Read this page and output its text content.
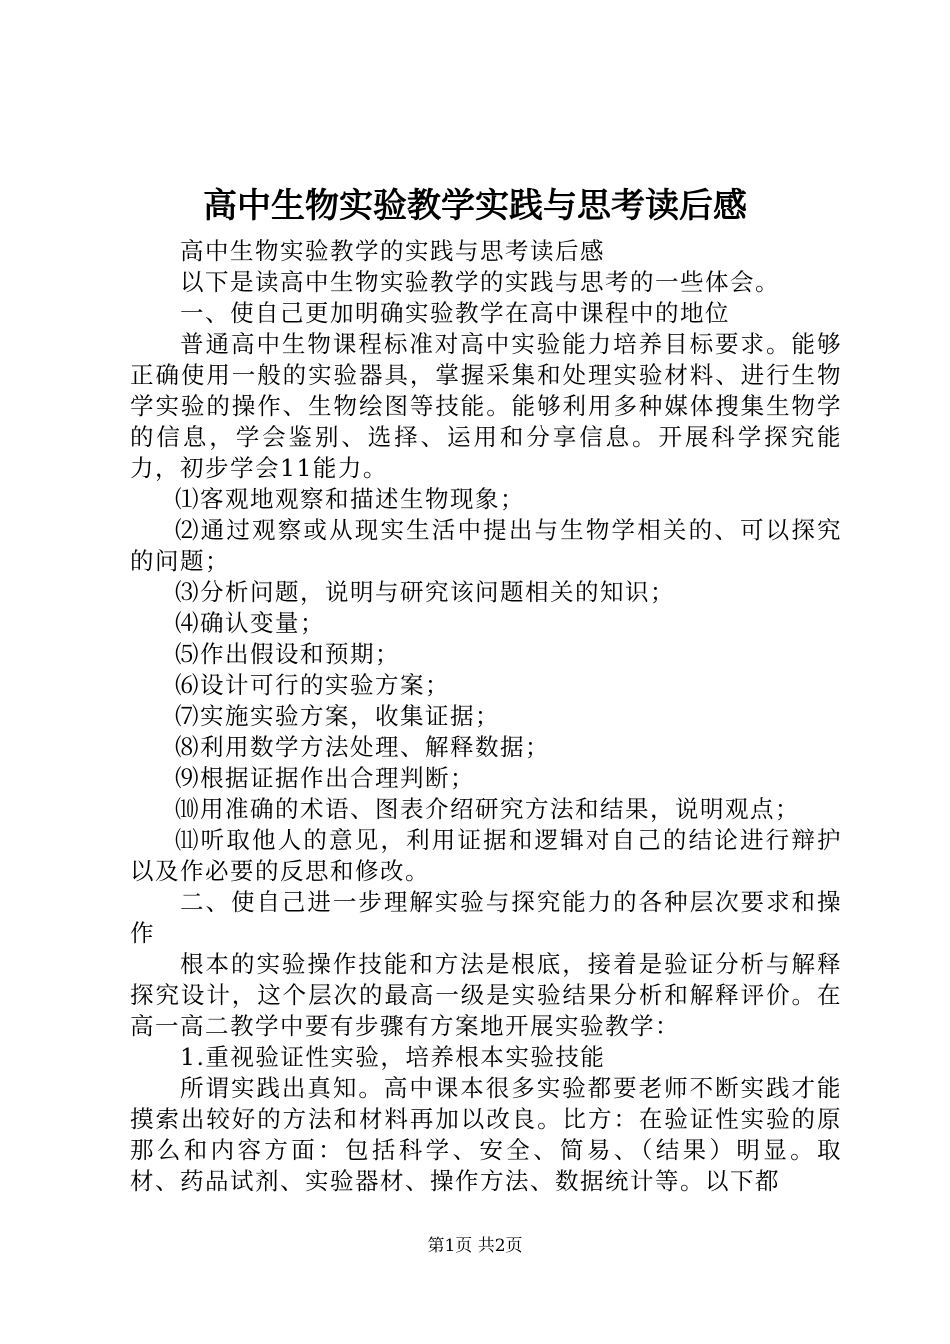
高中生物实验教学实践与思考读后感

高中生物实验教学的实践与思考读后感

以下是读高中生物实验教学的实践与思考的一些体会。

一、使自己更加明确实验教学在高中课程中的地位

普通高中生物课程标准对高中实验能力培养目标要求。能够正确使用一般的实验器具，掌握采集和处理实验材料、进行生物学实验的操作、生物绘图等技能。能够利用多种媒体搜集生物学的信息，学会鉴别、选择、运用和分享信息。开展科学探究能力，初步学会11能力。

⑴客观地观察和描述生物现象；

⑵通过观察或从现实生活中提出与生物学相关的、可以探究的问题；

⑶分析问题，说明与研究该问题相关的知识；

⑷确认变量；

⑸作出假设和预期；

⑹设计可行的实验方案；

⑺实施实验方案，收集证据；

⑻利用数学方法处理、解释数据；

⑼根据证据作出合理判断；

⑽用准确的术语、图表介绍研究方法和结果，说明观点；

⑾听取他人的意见，利用证据和逻辑对自己的结论进行辩护以及作必要的反思和修改。

二、使自己进一步理解实验与探究能力的各种层次要求和操作

根本的实验操作技能和方法是根底，接着是验证分析与解释探究设计，这个层次的最高一级是实验结果分析和解释评价。在高一高二教学中要有步骤有方案地开展实验教学：

1.重视验证性实验，培养根本实验技能

所谓实践出真知。高中课本很多实验都要老师不断实践才能摸索出较好的方法和材料再加以改良。比方：在验证性实验的原那么和内容方面：包括科学、安全、简易、（结果）明显。取材、药品试剂、实验器材、操作方法、数据统计等。以下都

第1页 共2页
